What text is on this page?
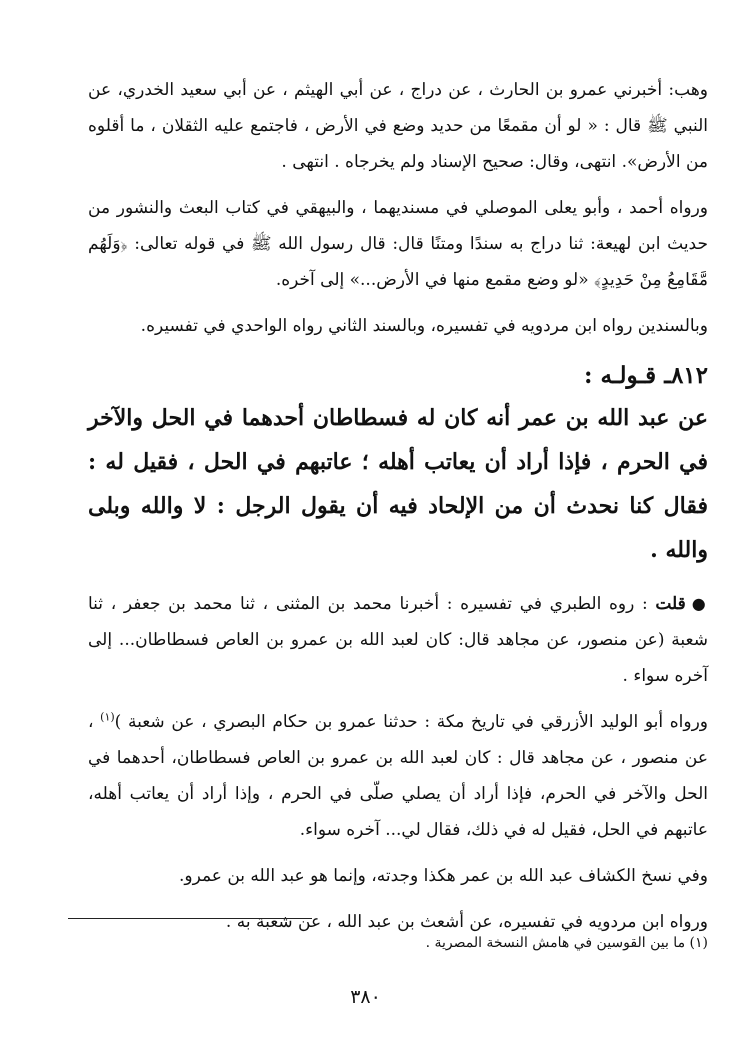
وهب: أخبرني عمرو بن الحارث ، عن دراج ، عن أبي الهيثم ، عن أبي سعيد الخدري، عن النبي ﷺ قال : « لو أن مقمعًا من حديد وضع في الأرض ، فاجتمع عليه الثقلان ، ما أقلوه من الأرض». انتهى، وقال: صحيح الإسناد ولم يخرجاه . انتهى .

ورواه أحمد ، وأبو يعلى الموصلي في مسنديهما ، والبيهقي في كتاب البعث والنشور من حديث ابن لهيعة: ثنا دراج به سندًا ومتنًا قال: قال رسول الله ﷺ في قوله تعالى: ﴿وَلَهُم مَّقَامِعُ مِنْ حَدِيدٍ﴾ «لو وضع مقمع منها في الأرض...» إلى آخره.

وبالسندين رواه ابن مردويه في تفسيره، وبالسند الثاني رواه الواحدي في تفسيره.

٨١٢ـ قـولـه :

عن عبد الله بن عمر أنه كان له فسطاطان أحدهما في الحل والآخر في الحرم ، فإذا أراد أن يعاتب أهله ؛ عاتبهم في الحل ، فقيل له : فقال كنا نحدث أن من الإلحاد فيه أن يقول الرجل : لا والله وبلى والله .

●قلت : روه الطبري في تفسيره : أخبرنا محمد بن المثنى ، ثنا محمد بن جعفر ، ثنا شعبة (عن منصور، عن مجاهد قال: كان لعبد الله بن عمرو بن العاص فسطاطان... إلى آخره سواء .

ورواه أبو الوليد الأزرقي في تاريخ مكة : حدثنا عمرو بن حكام البصري ، عن شعبة )$^{(١)}$ ، عن منصور ، عن مجاهد قال : كان لعبد الله بن عمرو بن العاص فسطاطان، أحدهما في الحل والآخر في الحرم، فإذا أراد أن يصلي صلّى في الحرم ، وإذا أراد أن يعاتب أهله، عاتبهم في الحل، فقيل له في ذلك، فقال لي... آخره سواء.

وفي نسخ الكشاف عبد الله بن عمر هكذا وجدته، وإنما هو عبد الله بن عمرو.

ورواه ابن مردويه في تفسيره، عن أشعث بن عبد الله ، عن شعبة به .

(١) ما بين القوسين في هامش النسخة المصرية .
٣٨٠
